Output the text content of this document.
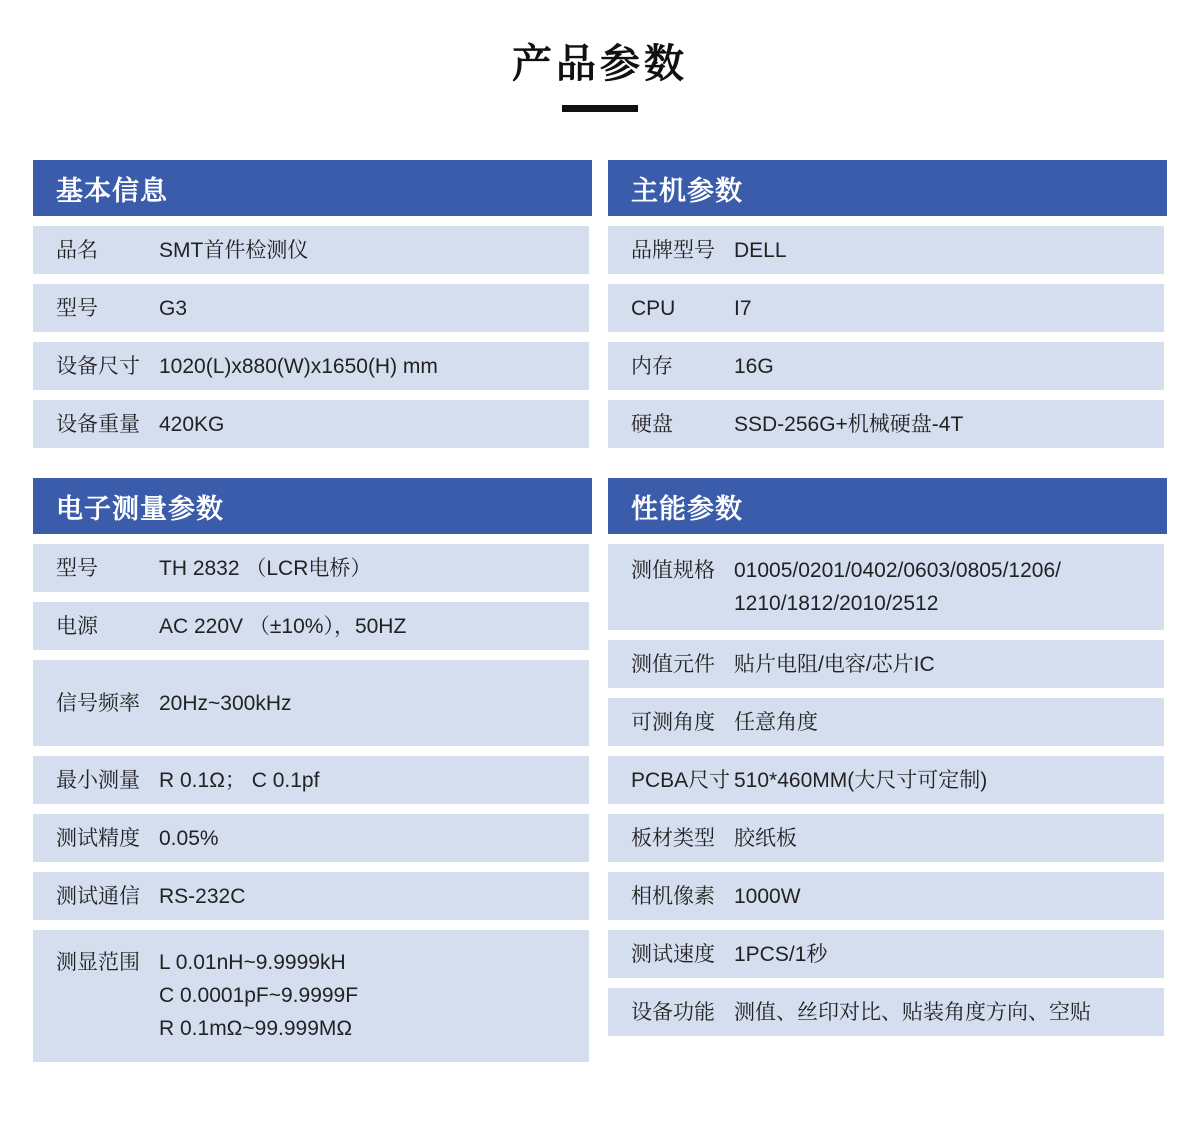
产品参数
基本信息
品名	SMT首件检测仪
型号	G3
设备尺寸 1020(L)x880(W)x1650(H) mm
设备重量 420KG
电子测量参数
型号	TH 2832 （LCR电桥）
电源	AC 220V （±10%），50HZ
信号频率 20Hz~300kHz
最小测量 R 0.1Ω； C 0.1pf
测试精度 0.05%
测试通信 RS-232C
测显范围 L 0.01nH~9.9999kH
C 0.0001pF~9.9999F
R 0.1mΩ~99.999MΩ
主机参数
品牌型号 DELL
CPU	I7
内存	16G
硬盘	SSD-256G+机械硬盘-4T
性能参数
测值规格 01005/0201/0402/0603/0805/1206/
1210/1812/2010/2512
测值元件 贴片电阻/电容/芯片IC
可测角度 任意角度
PCBA尺寸 510*460MM(大尺寸可定制)
板材类型 胶纸板
相机像素 1000W
测试速度 1PCS/1秒
设备功能 测值、丝印对比、贴装角度方向、空贴
